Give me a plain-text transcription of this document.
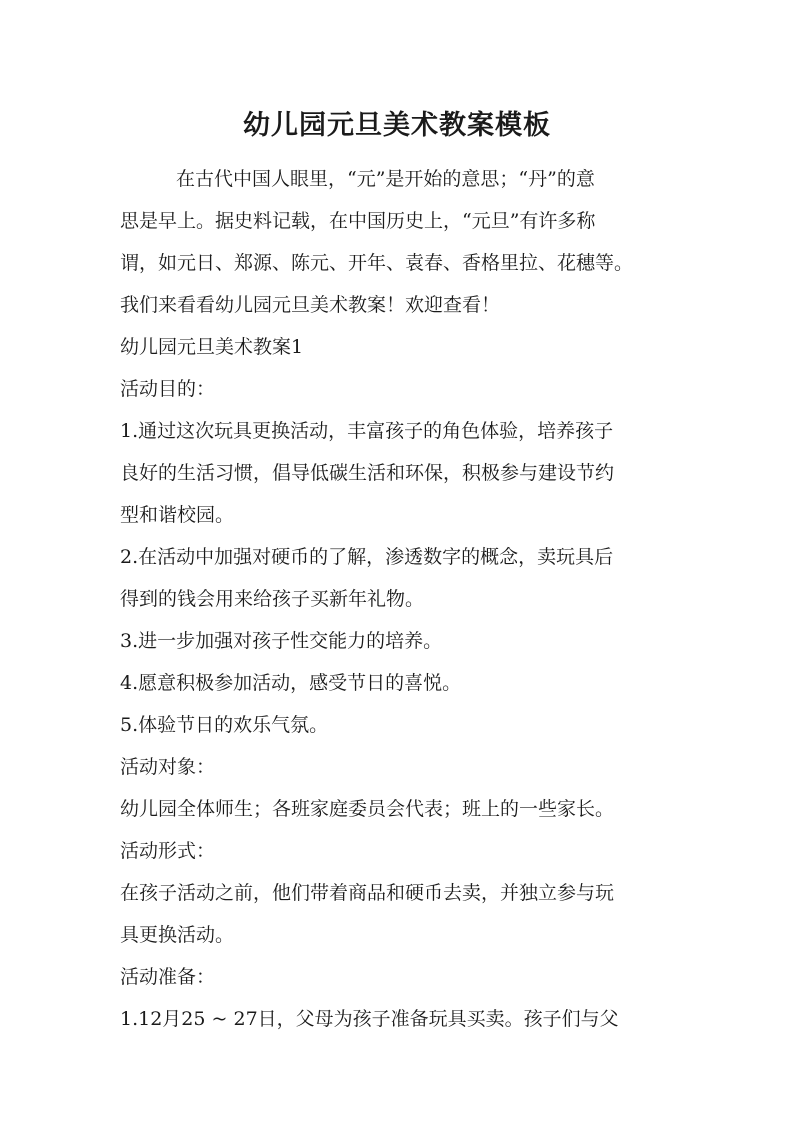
幼儿园元旦美术教案模板
在古代中国人眼里，“元”是开始的意思；“丹”的意
思是早上。据史料记载，在中国历史上，“元旦”有许多称
谓，如元日、郑源、陈元、开年、袁春、香格里拉、花穗等。
我们来看看幼儿园元旦美术教案！欢迎查看！
幼儿园元旦美术教案1
活动目的：
1.通过这次玩具更换活动，丰富孩子的角色体验，培养孩子
良好的生活习惯，倡导低碳生活和环保，积极参与建设节约
型和谐校园。
2.在活动中加强对硬币的了解，渗透数字的概念，卖玩具后
得到的钱会用来给孩子买新年礼物。
3.进一步加强对孩子性交能力的培养。
4.愿意积极参加活动，感受节日的喜悦。
5.体验节日的欢乐气氛。
活动对象：
幼儿园全体师生；各班家庭委员会代表；班上的一些家长。
活动形式：
在孩子活动之前，他们带着商品和硬币去卖，并独立参与玩
具更换活动。
活动准备：
1.12月25 ~ 27日，父母为孩子准备玩具买卖。孩子们与父
